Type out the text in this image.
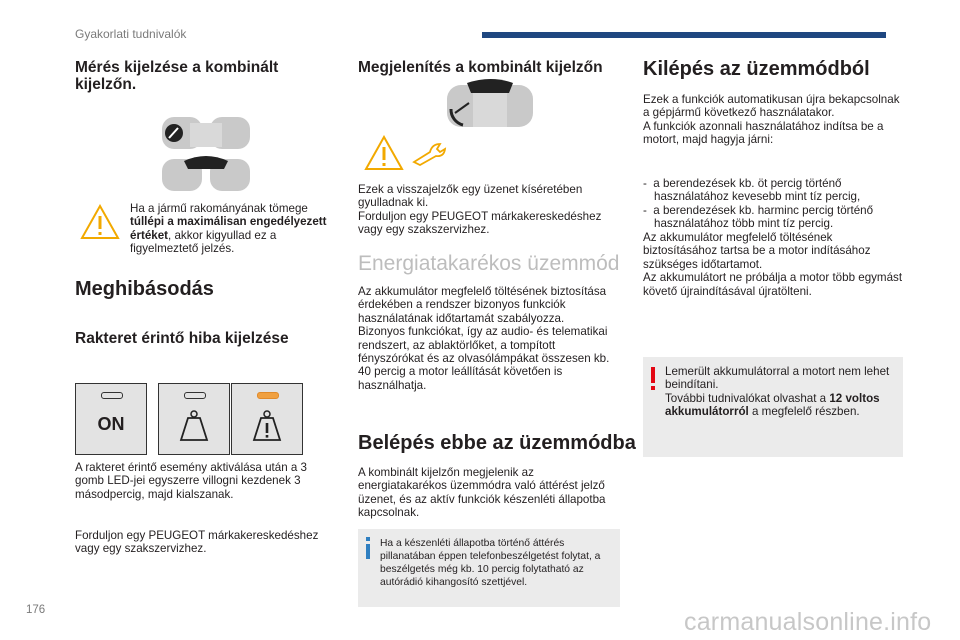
Gyakorlati tudnivalók
Mérés kijelzése a kombinált kijelzőn.
Ha a jármű rakományának tömege túllépi a maximálisan engedélyezett értéket, akkor kigyullad ez a figyelmeztető jelzés.
Meghibásodás
Rakteret érintő hiba kijelzése
ON
A rakteret érintő esemény aktiválása után a 3 gomb LED-jei egyszerre villogni kezdenek 3 másodpercig, majd kialszanak.
Forduljon egy PEUGEOT márkakereskedéshez vagy egy szakszervizhez.
Megjelenítés a kombinált kijelzőn
Ezek a visszajelzők egy üzenet kíséretében gyulladnak ki.
Forduljon egy PEUGEOT márkakereskedéshez vagy egy szakszervizhez.
Energiatakarékos üzemmód
Az akkumulátor megfelelő töltésének biztosítása érdekében a rendszer bizonyos funkciók használatának időtartamát szabályozza.
Bizonyos funkciókat, így az audio- és telematikai rendszert, az ablaktörlőket, a tompított fényszórókat és az olvasólámpákat összesen kb. 40 percig a motor leállítását követően is használhatja.
Belépés ebbe az üzemmódba
A kombinált kijelzőn megjelenik az energiatakarékos üzemmódra való áttérést jelző üzenet, és az aktív funkciók készenléti állapotba kapcsolnak.
Ha a készenléti állapotba történő áttérés pillanatában éppen telefonbeszélgetést folytat, a beszélgetés még kb. 10 percig folytatható az autórádió kihangosító szettjével.
Kilépés az üzemmódból
Ezek a funkciók automatikusan újra bekapcsolnak a gépjármű következő használatakor.
A funkciók azonnali használatához indítsa be a motort, majd hagyja járni:
-  a berendezések kb. öt percig történő használatához kevesebb mint tíz percig,
-  a berendezések kb. harminc percig történő használatához több mint tíz percig.
Az akkumulátor megfelelő töltésének biztosításához tartsa be a motor indításához szükséges időtartamot.
Az akkumulátort ne próbálja a motor több egymást követő újraindításával újratölteni.
Lemerült akkumulátorral a motort nem lehet beindítani.
További tudnivalókat olvashat a 12 voltos akkumulátorról a megfelelő részben.
176	carmanualsonline.info
